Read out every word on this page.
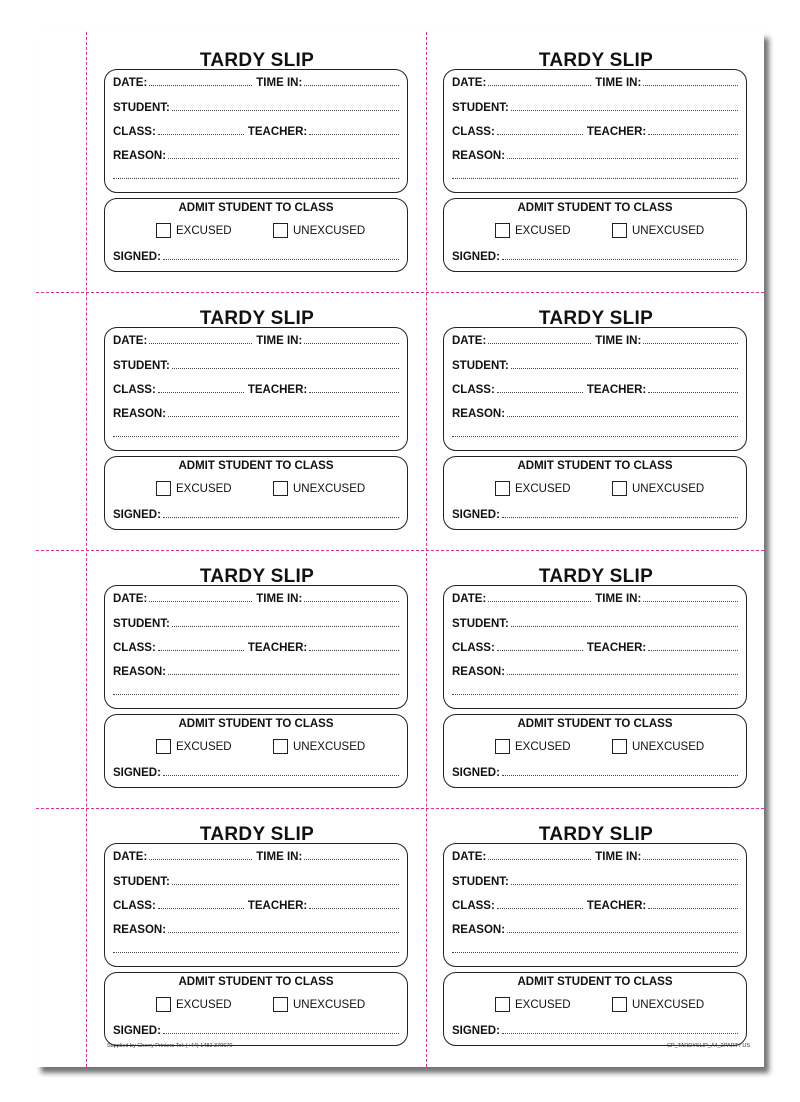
TARDY SLIP
DATE:	TIME IN:
STUDENT:
CLASS:	TEACHER:
REASON:
ADMIT STUDENT TO CLASS
EXCUSED	UNEXCUSED
SIGNED:
TARDY SLIP
DATE:	TIME IN:
STUDENT:
CLASS:	TEACHER:
REASON:
ADMIT STUDENT TO CLASS
EXCUSED	UNEXCUSED
SIGNED:
TARDY SLIP
DATE:	TIME IN:
STUDENT:
CLASS:	TEACHER:
REASON:
ADMIT STUDENT TO CLASS
EXCUSED	UNEXCUSED
SIGNED:
TARDY SLIP
DATE:	TIME IN:
STUDENT:
CLASS:	TEACHER:
REASON:
ADMIT STUDENT TO CLASS
EXCUSED	UNEXCUSED
SIGNED:
TARDY SLIP
DATE:	TIME IN:
STUDENT:
CLASS:	TEACHER:
REASON:
ADMIT STUDENT TO CLASS
EXCUSED	UNEXCUSED
SIGNED:
TARDY SLIP
DATE:	TIME IN:
STUDENT:
CLASS:	TEACHER:
REASON:
ADMIT STUDENT TO CLASS
EXCUSED	UNEXCUSED
SIGNED:
TARDY SLIP
DATE:	TIME IN:
STUDENT:
CLASS:	TEACHER:
REASON:
ADMIT STUDENT TO CLASS
EXCUSED	UNEXCUSED
SIGNED:
TARDY SLIP
DATE:	TIME IN:
STUDENT:
CLASS:	TEACHER:
REASON:
ADMIT STUDENT TO CLASS
EXCUSED	UNEXCUSED
SIGNED:
Supplied by Cherry Printers Tel: (+44) 1482 370670	CP_TARDYSLIP_A4_2PART / US
